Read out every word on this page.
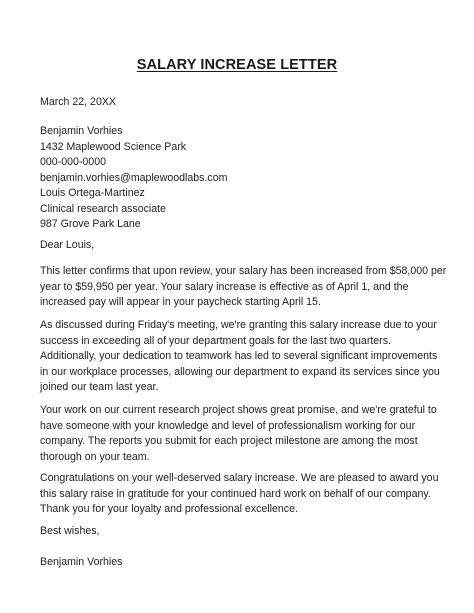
SALARY INCREASE LETTER
March 22, 20XX
Benjamin Vorhies
1432 Maplewood Science Park
000-000-0000
benjamin.vorhies@maplewoodlabs.com
Louis Ortega-Martinez
Clinical research associate
987 Grove Park Lane
Dear Louis,
This letter confirms that upon review, your salary has been increased from $58,000 per
year to $59,950 per year. Your salary increase is effective as of April 1, and the
increased pay will appear in your paycheck starting April 15.
As discussed during Friday's meeting, we're granting this salary increase due to your
success in exceeding all of your department goals for the last two quarters.
Additionally, your dedication to teamwork has led to several significant improvements
in our workplace processes, allowing our department to expand its services since you
joined our team last year.
Your work on our current research project shows great promise, and we're grateful to
have someone with your knowledge and level of professionalism working for our
company. The reports you submit for each project milestone are among the most
thorough on your team.
Congratulations on your well-deserved salary increase. We are pleased to award you
this salary raise in gratitude for your continued hard work on behalf of our company.
Thank you for your loyalty and professional excellence.
Best wishes,
Benjamin Vorhies
